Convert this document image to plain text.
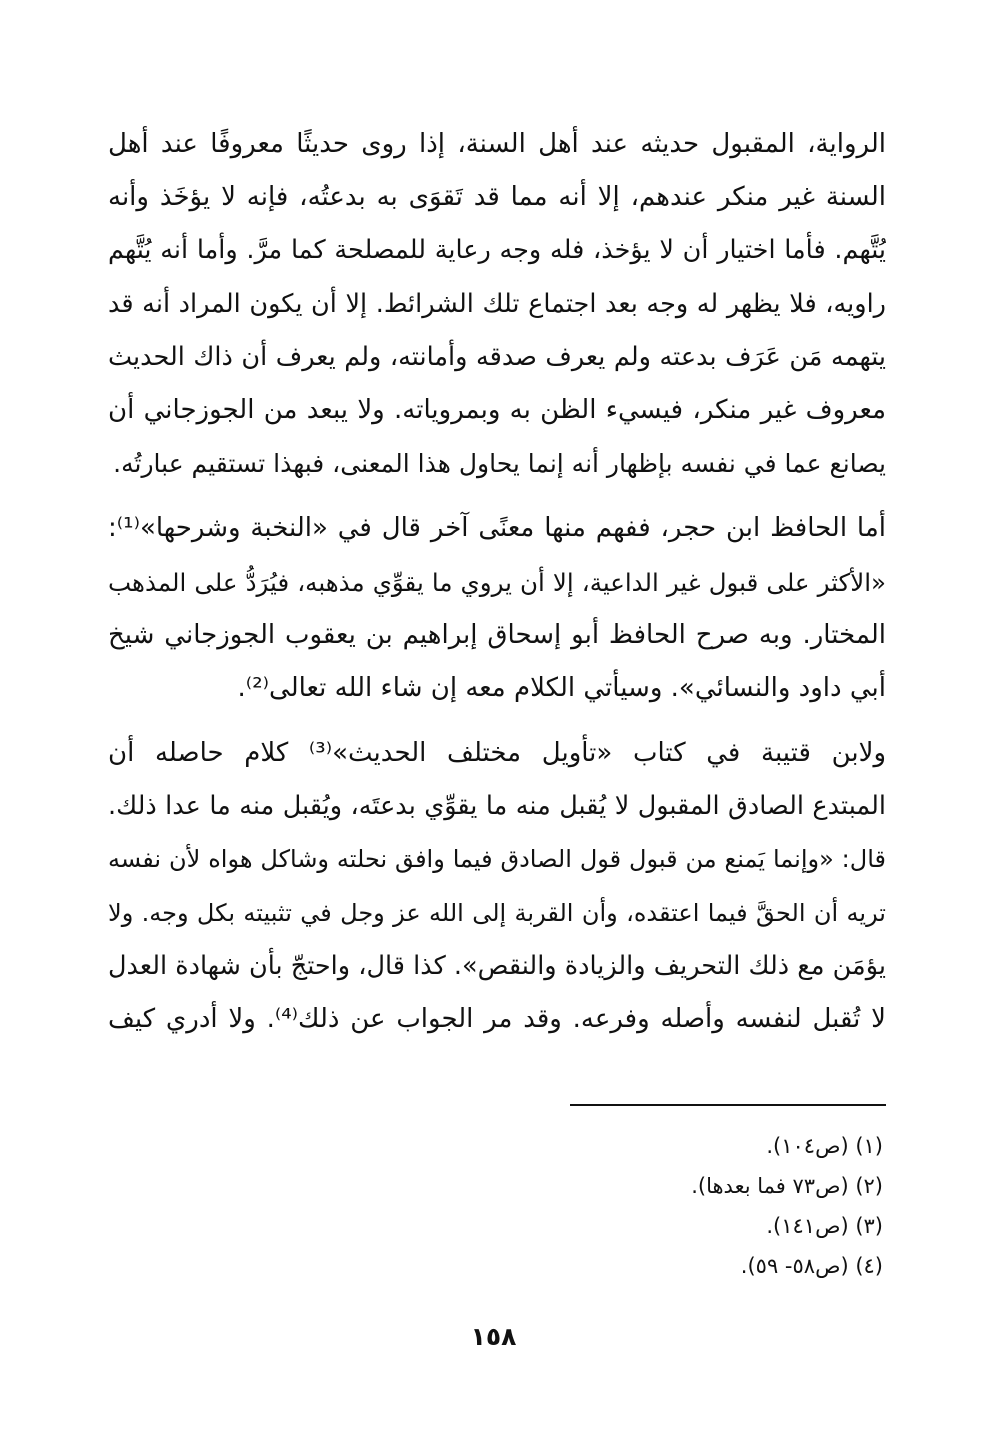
الرواية، المقبول حديثه عند أهل السنة، إذا روى حديثًا معروفًا عند أهل
السنة غير منكر عندهم، إلا أنه مما قد تَقوَى به بدعتُه، فإنه لا يؤخَذ وأنه
يُتَّهم. فأما اختيار أن لا يؤخذ، فله وجه رعاية للمصلحة كما مرَّ. وأما أنه يُتَّهم
راويه، فلا يظهر له وجه بعد اجتماع تلك الشرائط. إلا أن يكون المراد أنه قد
يتهمه مَن عَرَف بدعته ولم يعرف صدقه وأمانته، ولم يعرف أن ذاك الحديث
معروف غير منكر، فيسيء الظن به وبمروياته. ولا يبعد من الجوزجاني أن
يصانع عما في نفسه بإظهار أنه إنما يحاول هذا المعنى، فبهذا تستقيم عبارتُه.
أما الحافظ ابن حجر، ففهم منها معنًى آخر قال في «النخبة وشرحها»⁽¹⁾:
«الأكثر على قبول غير الداعية، إلا أن يروي ما يقوِّي مذهبه، فيُرَدُّ على المذهب
المختار. وبه صرح الحافظ أبو إسحاق إبراهيم بن يعقوب الجوزجاني شيخ
أبي داود والنسائي». وسيأتي الكلام معه إن شاء الله تعالى⁽²⁾.
ولابن قتيبة في كتاب «تأويل مختلف الحديث»⁽³⁾ كلام حاصله أن
المبتدع الصادق المقبول لا يُقبل منه ما يقوِّي بدعتَه، ويُقبل منه ما عدا ذلك.
قال: «وإنما يَمنع من قبول قول الصادق فيما وافق نحلته وشاكل هواه لأن نفسه
تريه أن الحقَّ فيما اعتقده، وأن القربة إلى الله عز وجل في تثبيته بكل وجه. ولا
يؤمَن مع ذلك التحريف والزيادة والنقص». كذا قال، واحتجّ بأن شهادة العدل
لا تُقبل لنفسه وأصله وفرعه. وقد مر الجواب عن ذلك⁽⁴⁾. ولا أدري كيف
(١) (ص١٠٤).
(٢) (ص٧٣ فما بعدها).
(٣) (ص١٤١).
(٤) (ص٥٨- ٥٩).
١٥٨
